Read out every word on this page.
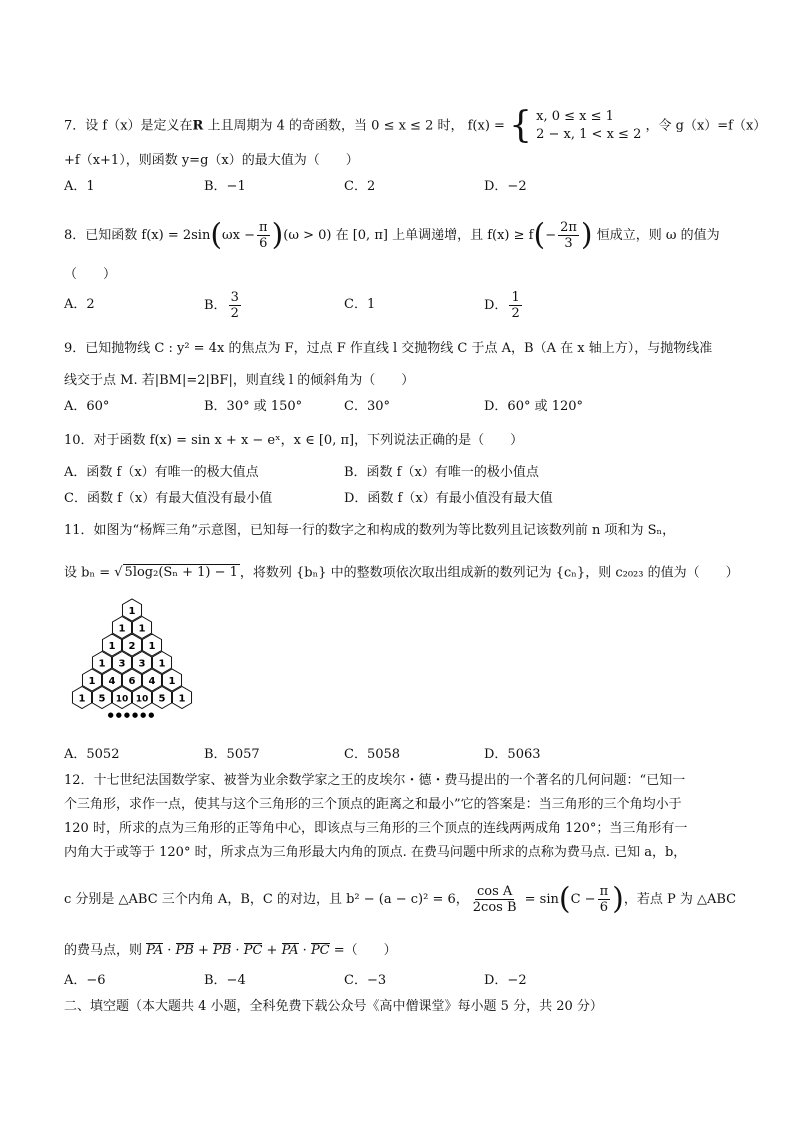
7．设 f（x）是定义在R 上且周期为 4 的奇函数，当 0 ≤ x ≤ 2 时， f(x) = { x, 0 ≤ x ≤ 1
2 − x, 1 < x ≤ 2
，令 g（x）=f（x）
+f（x+1），则函数 y=g（x）的最大值为（　　）
A．1	B．−1	C．2	D．−2
8．已知函数 $f(x) = 2\sin(\omega x - \frac{\pi}{6} )(\omega > 0)$ 在 [0, π] 上单调递增，且 $f(x) \ge f(- \frac{2\pi}{3}$ ) 恒成立，则 ω 的值为
（　　）
A．2	B． $\frac{3}{2}$	C．1	D． $\frac{1}{2}$
9．已知抛物线 C : y² = 4x 的焦点为 F，过点 F 作直线 l 交抛物线 C 于点 A，B（A 在 x 轴上方），与抛物线准
线交于点 M. 若|BM|=2|BF|，则直线 l 的倾斜角为（　　）
A．60°	B．30° 或 150°	C．30°	D．60° 或 120°
10．对于函数 f(x) = sin x + x − eˣ，x ∈ [0, π]，下列说法正确的是（　　）
A．函数 f（x）有唯一的极大值点	B．函数 f（x）有唯一的极小值点
C．函数 f（x）有最大值没有最小值	D．函数 f（x）有最小值没有最大值
11．如图为“杨辉三角”示意图，已知每一行的数字之和构成的数列为等比数列且记该数列前 n 项和为 Sₙ，
设 bₙ = √ 5log₂(Sₙ + 1) − 1 ，将数列 {bₙ} 中的整数项依次取出组成新的数列记为 {cₙ}，则 c₂₀₂₃ 的值为（　　）
1
1 1
1 2 1
1 3 3 1
1 4 6 4 1
1 5 10 10 5 1
●●●●●●
A．5052	B．5057	C．5058	D．5063
12．十七世纪法国数学家、被誉为业余数学家之王的皮埃尔・德・费马提出的一个著名的几何问题：“已知一
个三角形，求作一点，使其与这个三角形的三个顶点的距离之和最小”它的答案是：当三角形的三个角均小于
120 时，所求的点为三角形的正等角中心，即该点与三角形的三个顶点的连线两两成角 120°；当三角形有一
内角大于或等于 120° 时，所求点为三角形最大内角的顶点. 在费马问题中所求的点称为费马点. 已知 a，b，
c 分别是 △ABC 三个内角 A，B，C 的对边，且 b² − (a − c)² = 6， $\frac{\text{cos A}}{\text{2cos B}} = \sin(C - \frac{\pi}{6}$ )，若点 P 为 △ABC
的费马点，则 PA · PB + PB · PC + PA · PC =（　　）
A．−6	B．−4	C．−3	D．−2
二、填空题（本大题共 4 小题，全科免费下载公众号《高中僧课堂》每小题 5 分，共 20 分）
